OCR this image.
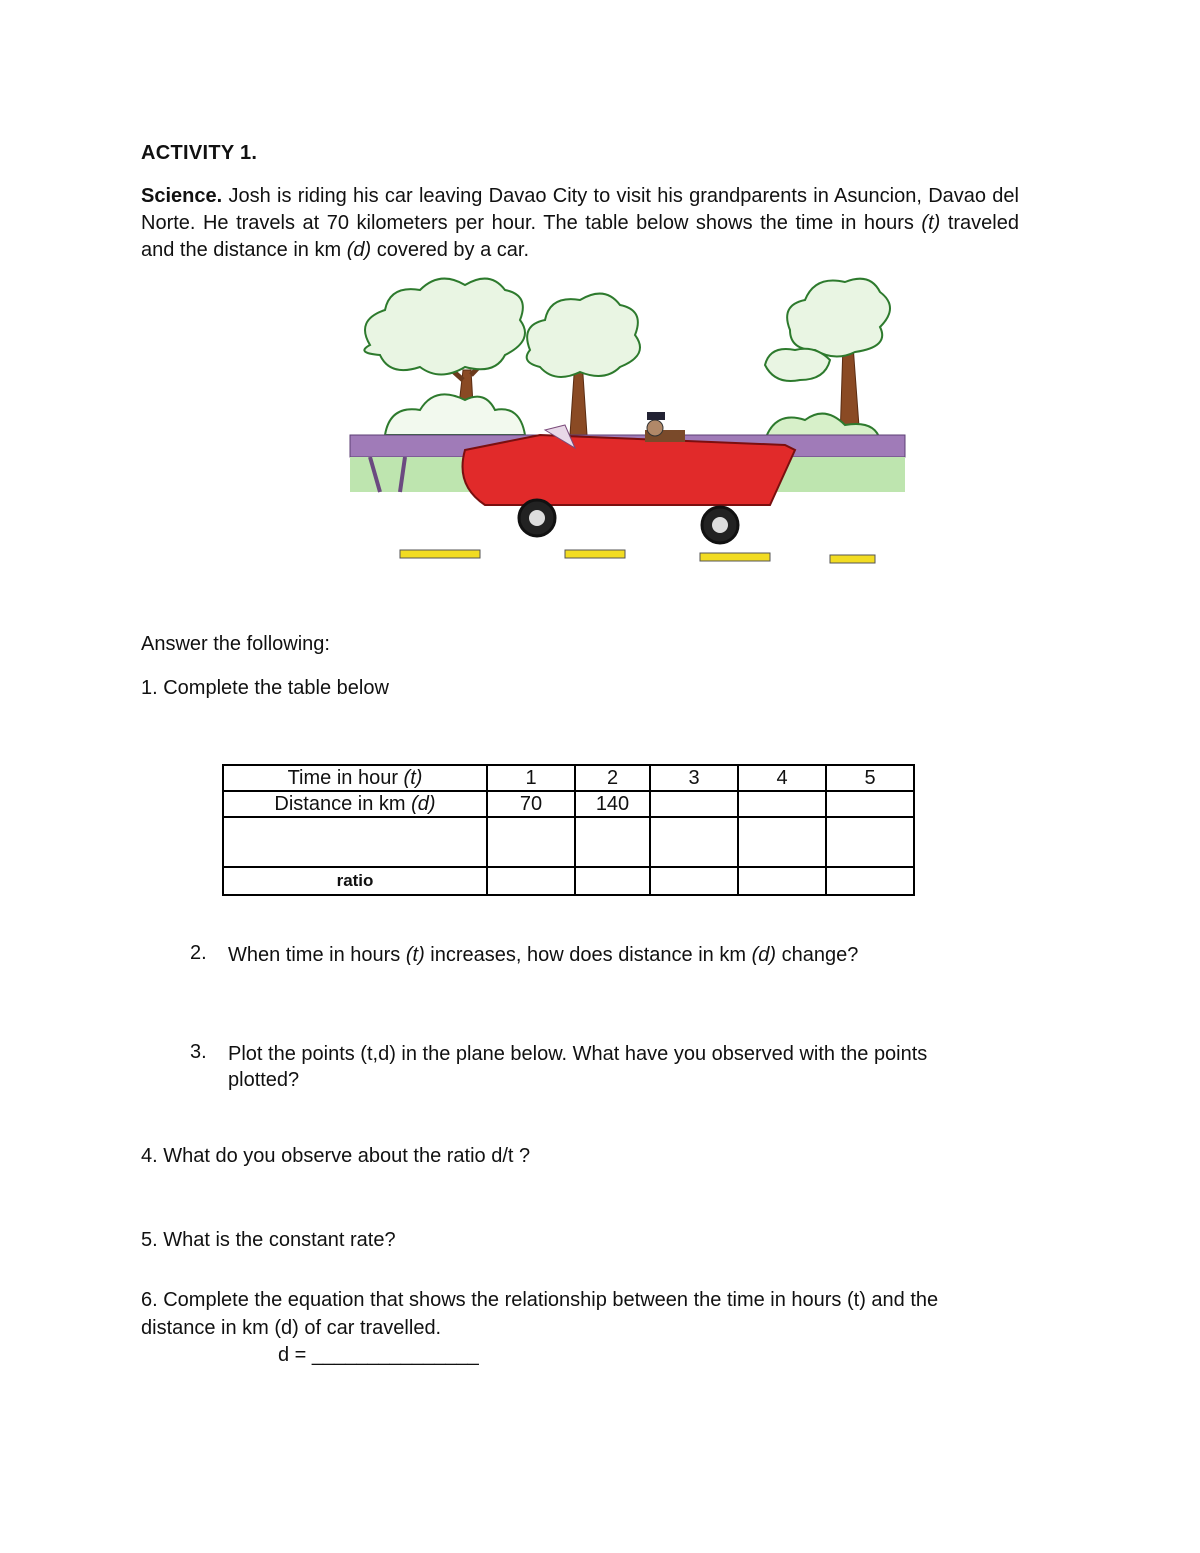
ACTIVITY 1.
Science. Josh is riding his car leaving Davao City to visit his grandparents in Asuncion, Davao del Norte. He travels at 70 kilometers per hour. The table below shows the time in hours (t) traveled and the distance in km (d) covered by a car.
Answer the following:
1. Complete the table below
Time in hour (t)	1	2	3	4	5
Distance in km (d)	70	140			

ratio					
2. When time in hours (t) increases, how does distance in km (d) change?
3. Plot the points (t,d) in the plane below. What have you observed with the points plotted?
4. What do you observe about the ratio d/t ?
5. What is the constant rate?
6. Complete the equation that shows the relationship between the time in hours (t) and the distance in km (d) of car travelled.
d = _______________
